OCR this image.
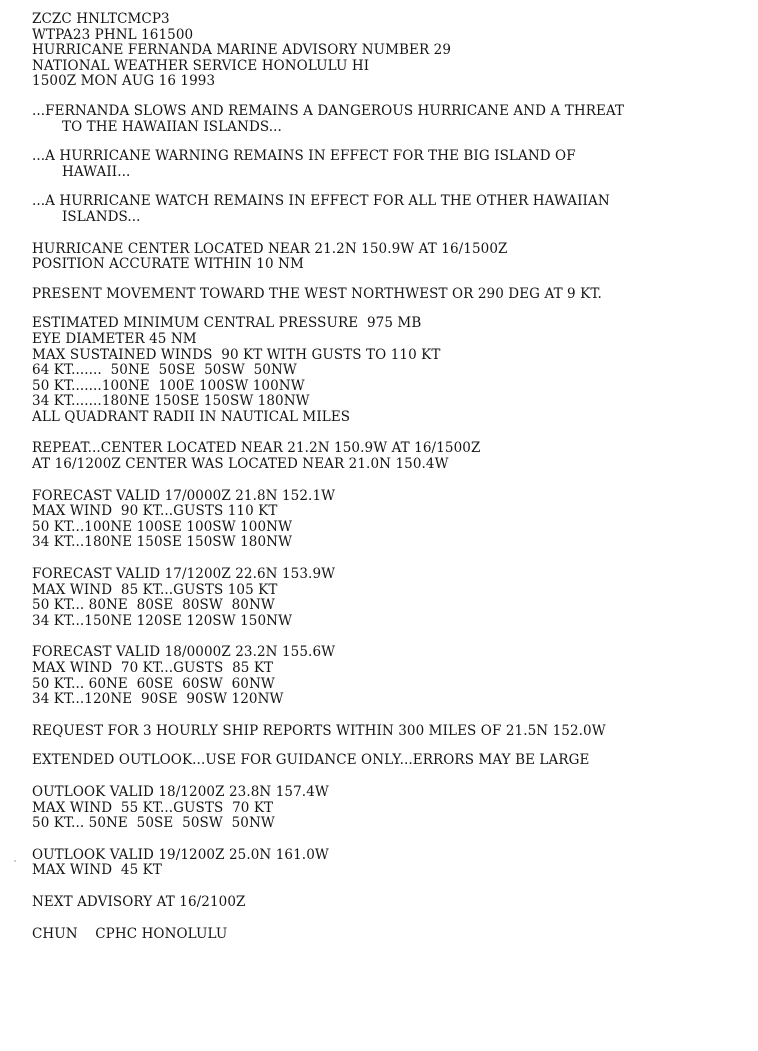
ZCZC HNLTCMCP3
WTPA23 PHNL 161500
HURRICANE FERNANDA MARINE ADVISORY NUMBER 29
NATIONAL WEATHER SERVICE HONOLULU HI
1500Z MON AUG 16 1993
...FERNANDA SLOWS AND REMAINS A DANGEROUS HURRICANE AND A THREAT
TO THE HAWAIIAN ISLANDS...
...A HURRICANE WARNING REMAINS IN EFFECT FOR THE BIG ISLAND OF
HAWAII...
...A HURRICANE WATCH REMAINS IN EFFECT FOR ALL THE OTHER HAWAIIAN
ISLANDS...
HURRICANE CENTER LOCATED NEAR 21.2N 150.9W AT 16/1500Z
POSITION ACCURATE WITHIN 10 NM
PRESENT MOVEMENT TOWARD THE WEST NORTHWEST OR 290 DEG AT 9 KT.
ESTIMATED MINIMUM CENTRAL PRESSURE  975 MB
EYE DIAMETER 45 NM
MAX SUSTAINED WINDS  90 KT WITH GUSTS TO 110 KT
64 KT.......  50NE  50SE  50SW  50NW
50 KT.......100NE  100E 100SW 100NW
34 KT.......180NE 150SE 150SW 180NW
ALL QUADRANT RADII IN NAUTICAL MILES
REPEAT...CENTER LOCATED NEAR 21.2N 150.9W AT 16/1500Z
AT 16/1200Z CENTER WAS LOCATED NEAR 21.0N 150.4W
FORECAST VALID 17/0000Z 21.8N 152.1W
MAX WIND  90 KT...GUSTS 110 KT
50 KT...100NE 100SE 100SW 100NW
34 KT...180NE 150SE 150SW 180NW
FORECAST VALID 17/1200Z 22.6N 153.9W
MAX WIND  85 KT...GUSTS 105 KT
50 KT... 80NE  80SE  80SW  80NW
34 KT...150NE 120SE 120SW 150NW
FORECAST VALID 18/0000Z 23.2N 155.6W
MAX WIND  70 KT...GUSTS  85 KT
50 KT... 60NE  60SE  60SW  60NW
34 KT...120NE  90SE  90SW 120NW
REQUEST FOR 3 HOURLY SHIP REPORTS WITHIN 300 MILES OF 21.5N 152.0W
EXTENDED OUTLOOK...USE FOR GUIDANCE ONLY...ERRORS MAY BE LARGE
OUTLOOK VALID 18/1200Z 23.8N 157.4W
MAX WIND  55 KT...GUSTS  70 KT
50 KT... 50NE  50SE  50SW  50NW
OUTLOOK VALID 19/1200Z 25.0N 161.0W
MAX WIND  45 KT
NEXT ADVISORY AT 16/2100Z
CHUN    CPHC HONOLULU
